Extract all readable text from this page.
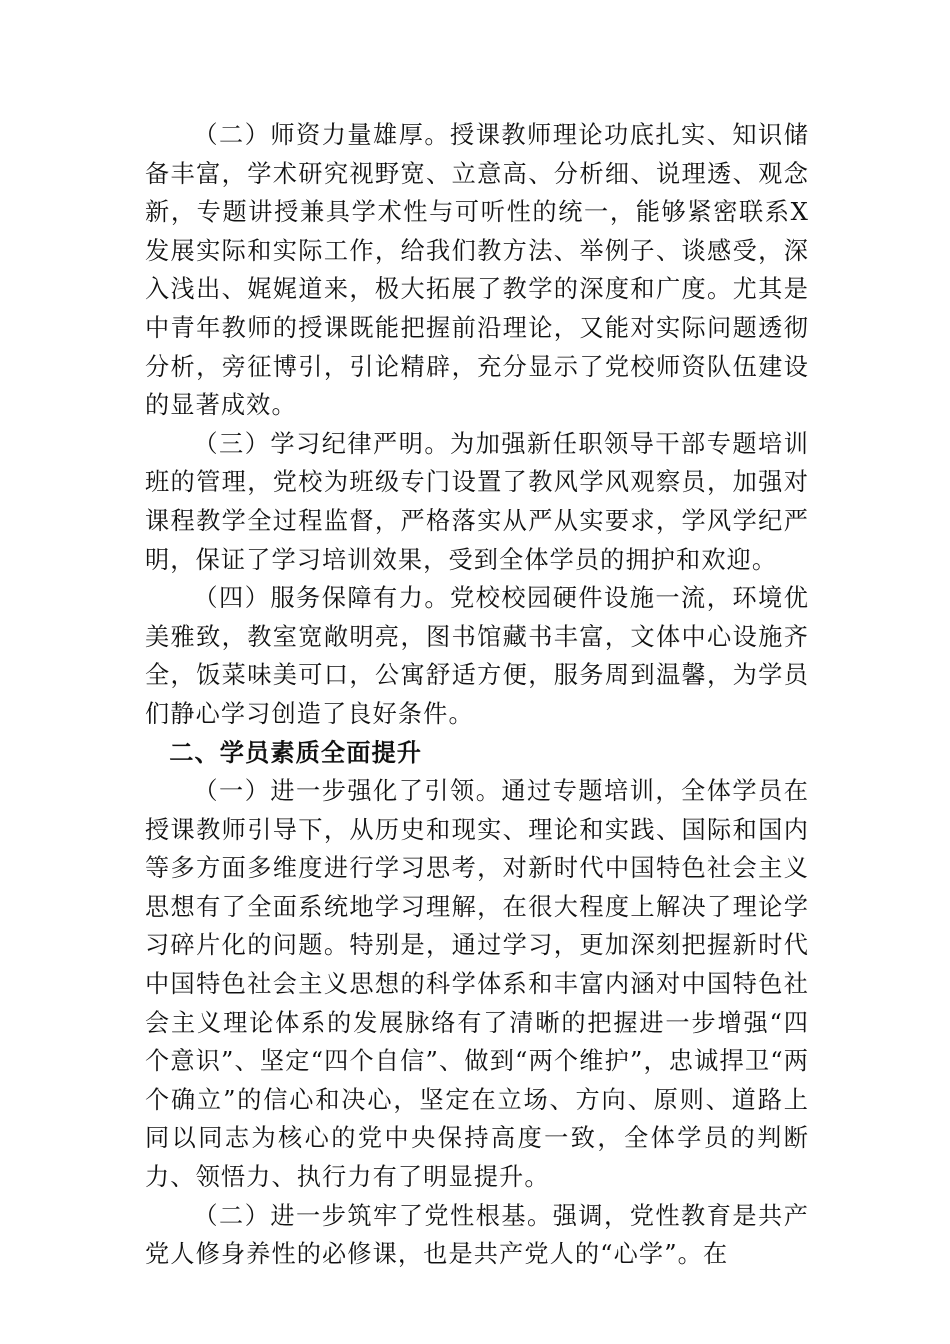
（二）师资力量雄厚。授课教师理论功底扎实、知识储备丰富，学术研究视野宽、立意高、分析细、说理透、观念新，专题讲授兼具学术性与可听性的统一，能够紧密联系X发展实际和实际工作，给我们教方法、举例子、谈感受，深入浅出、娓娓道来，极大拓展了教学的深度和广度。尤其是中青年教师的授课既能把握前沿理论，又能对实际问题透彻分析，旁征博引，引论精辟，充分显示了党校师资队伍建设的显著成效。

（三）学习纪律严明。为加强新任职领导干部专题培训班的管理，党校为班级专门设置了教风学风观察员，加强对课程教学全过程监督，严格落实从严从实要求，学风学纪严明，保证了学习培训效果，受到全体学员的拥护和欢迎。

（四）服务保障有力。党校校园硬件设施一流，环境优美雅致，教室宽敞明亮，图书馆藏书丰富，文体中心设施齐全，饭菜味美可口，公寓舒适方便，服务周到温馨，为学员们静心学习创造了良好条件。

二、学员素质全面提升

（一）进一步强化了引领。通过专题培训，全体学员在授课教师引导下，从历史和现实、理论和实践、国际和国内等多方面多维度进行学习思考，对新时代中国特色社会主义思想有了全面系统地学习理解，在很大程度上解决了理论学习碎片化的问题。特别是，通过学习，更加深刻把握新时代中国特色社会主义思想的科学体系和丰富内涵对中国特色社会主义理论体系的发展脉络有了清晰的把握进一步增强“四个意识”、坚定“四个自信”、做到“两个维护”，忠诚捍卫“两个确立”的信心和决心，坚定在立场、方向、原则、道路上同以同志为核心的党中央保持高度一致，全体学员的判断力、领悟力、执行力有了明显提升。

（二）进一步筑牢了党性根基。强调，党性教育是共产党人修身养性的必修课，也是共产党人的“心学”。在
